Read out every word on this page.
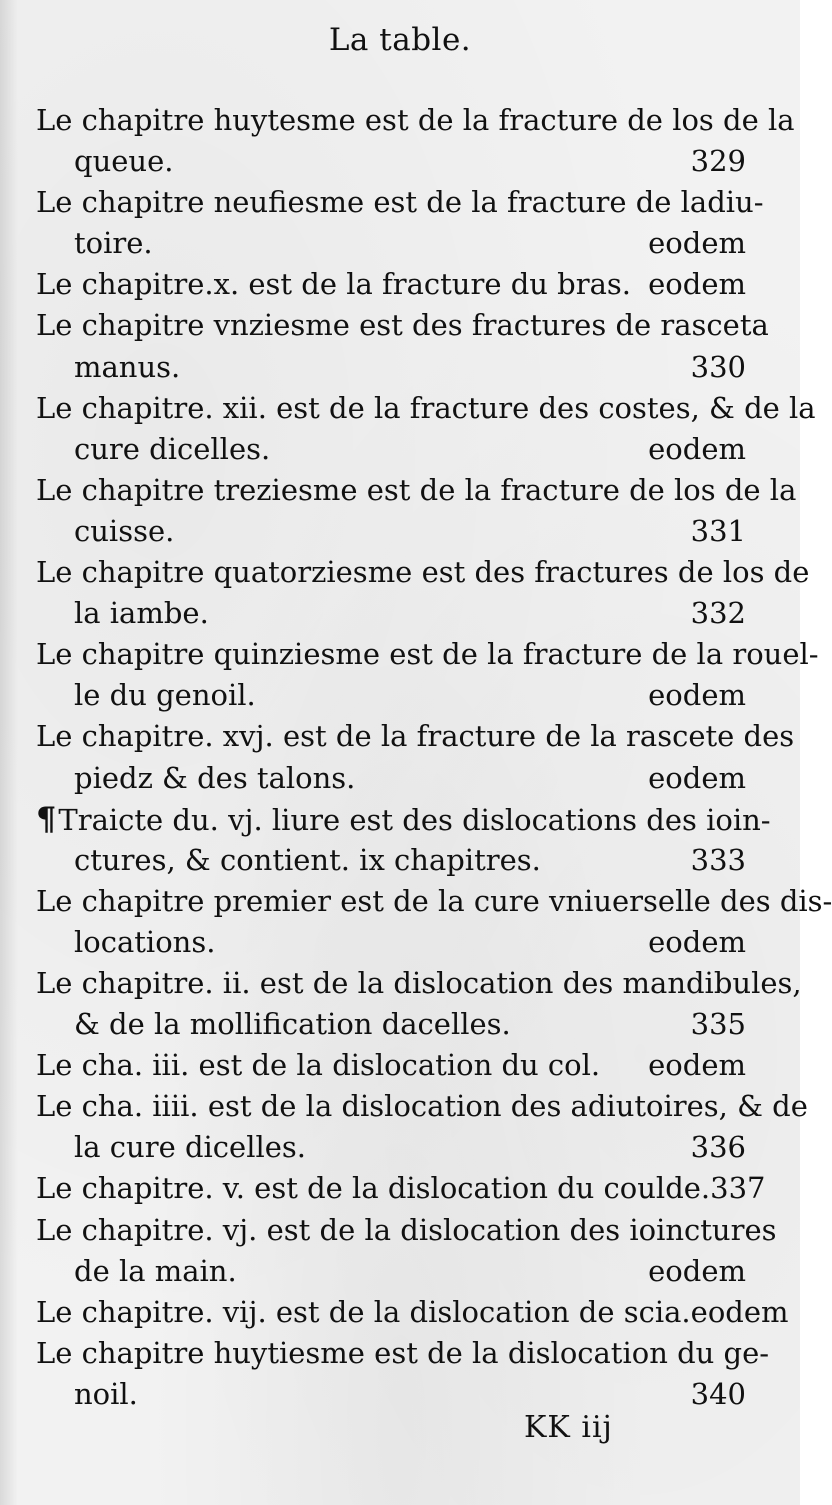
La table.
Le chapitre huytesme est de la fracture de los de la
queue.	329
Le chapitre neufiesme est de la fracture de ladiu-
toire.	eodem
Le chapitre.x. est de la fracture du bras. eodem
Le chapitre vnziesme est des fractures de rasceta
manus.	330
Le chapitre. xii. est de la fracture des costes, & de la
cure dicelles.	eodem
Le chapitre treziesme est de la fracture de los de la
cuisse.	331
Le chapitre quatorziesme est des fractures de los de
la iambe.	332
Le chapitre quinziesme est de la fracture de la rouel-
le du genoil.	eodem
Le chapitre. xvj. est de la fracture de la rascete des
piedz & des talons.	eodem
¶Traicte du. vj. liure est des dislocations des ioin-
ctures, & contient. ix chapitres.	333
Le chapitre premier est de la cure vniuerselle des dis-
locations.	eodem
Le chapitre. ii. est de la dislocation des mandibules,
& de la mollification dacelles.	335
Le cha. iii. est de la dislocation du col. eodem
Le cha. iiii. est de la dislocation des adiutoires, & de
la cure dicelles.	336
Le chapitre. v. est de la dislocation du coulde. 337
Le chapitre. vj. est de la dislocation des ioinctures
de la main.	eodem
Le chapitre. vij. est de la dislocation de scia. eodem
Le chapitre huytiesme est de la dislocation du ge-
noil.	340
KK iij
